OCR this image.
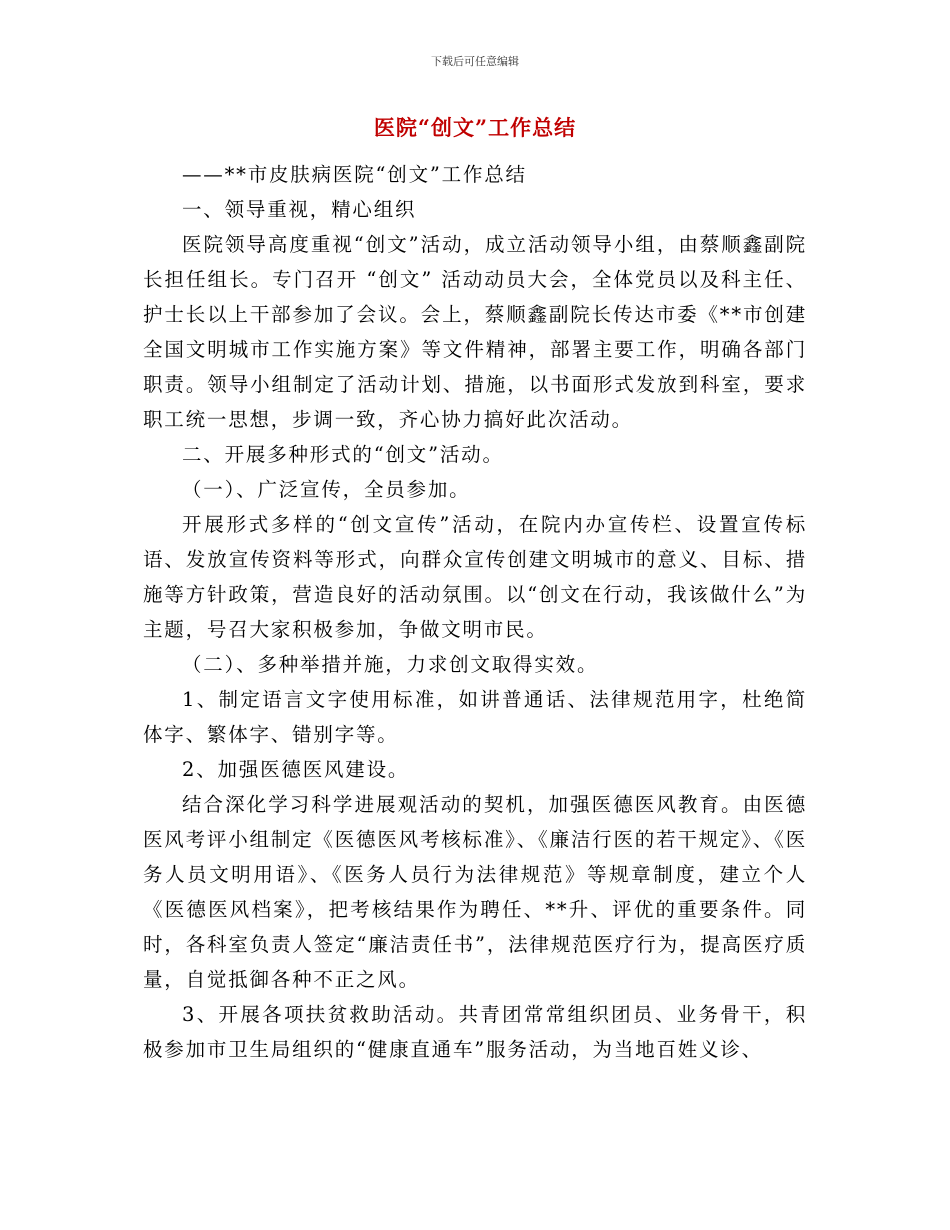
下载后可任意编辑
医院“创文”工作总结

——**市皮肤病医院“创文”工作总结

一、领导重视，精心组织

医院领导高度重视“创文”活动，成立活动领导小组，由蔡顺鑫副院长担任组长。专门召开 “创文” 活动动员大会，全体党员以及科主任、护士长以上干部参加了会议。会上，蔡顺鑫副院长传达市委《**市创建全国文明城市工作实施方案》等文件精神，部署主要工作，明确各部门职责。领导小组制定了活动计划、措施，以书面形式发放到科室，要求职工统一思想，步调一致，齐心协力搞好此次活动。

二、开展多种形式的“创文”活动。

（一）、广泛宣传，全员参加。

开展形式多样的“创文宣传”活动，在院内办宣传栏、设置宣传标语、发放宣传资料等形式，向群众宣传创建文明城市的意义、目标、措施等方针政策，营造良好的活动氛围。以“创文在行动，我该做什么”为主题，号召大家积极参加，争做文明市民。

（二）、多种举措并施，力求创文取得实效。

1、制定语言文字使用标准，如讲普通话、法律规范用字，杜绝简体字、繁体字、错别字等。

2、加强医德医风建设。

结合深化学习科学进展观活动的契机，加强医德医风教育。由医德医风考评小组制定《医德医风考核标准》、《廉洁行医的若干规定》、《医务人员文明用语》、《医务人员行为法律规范》等规章制度，建立个人《医德医风档案》，把考核结果作为聘任、**升、评优的重要条件。同时，各科室负责人签定“廉洁责任书”，法律规范医疗行为，提高医疗质量，自觉抵御各种不正之风。

3、开展各项扶贫救助活动。共青团常常组织团员、业务骨干，积极参加市卫生局组织的“健康直通车”服务活动，为当地百姓义诊、
